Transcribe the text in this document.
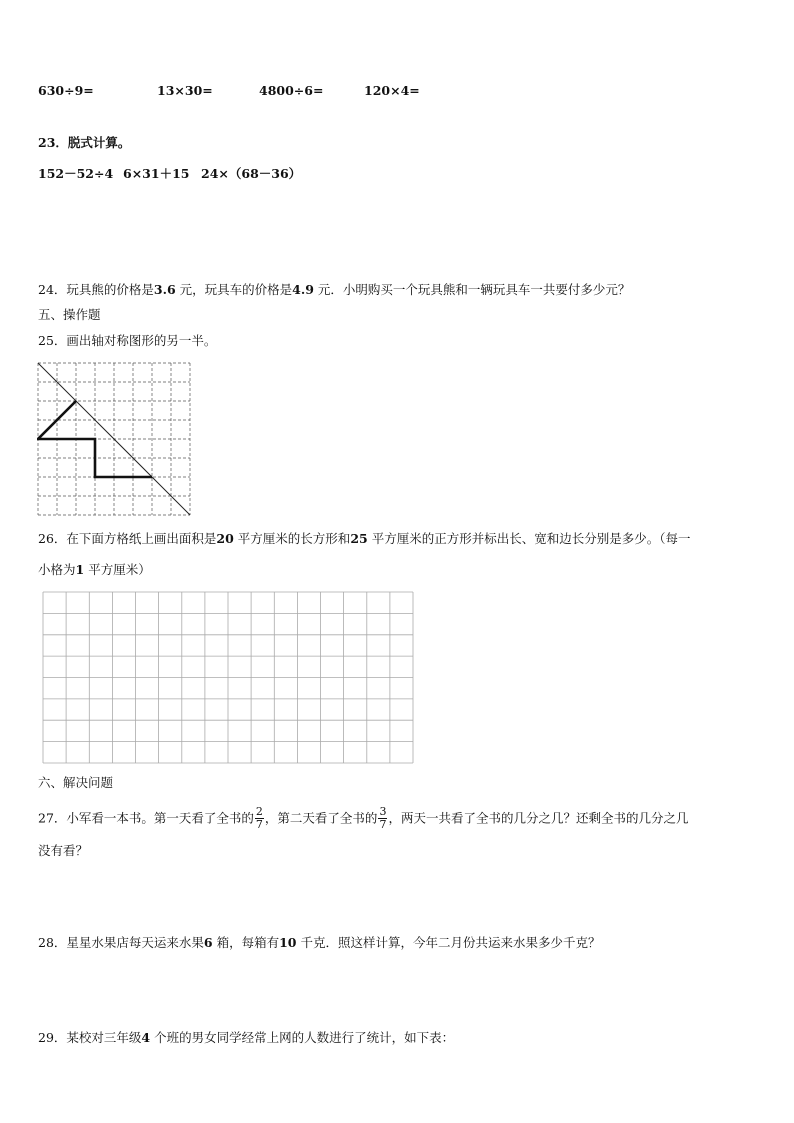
630÷9=	13×30=	4800÷6=	120×4=
23．脱式计算。
152－52÷4 6×31＋15 24×（68－36）
24．玩具熊的价格是3.6 元，玩具车的价格是4.9 元．小明购买一个玩具熊和一辆玩具车一共要付多少元？
五、操作题
25．画出轴对称图形的另一半。
26．在下面方格纸上画出面积是20 平方厘米的长方形和25 平方厘米的正方形并标出长、宽和边长分别是多少。（每一
小格为1 平方厘米）
六、解决问题
27．小军看一本书。第一天看了全书的 $\frac{2}{7}$ ，第二天看了全书的 $\frac{3}{7}$ ，两天一共看了全书的几分之几？还剩全书的几分之几
没有看？
28．星星水果店每天运来水果6 箱，每箱有10 千克．照这样计算，今年二月份共运来水果多少千克？
29．某校对三年级4 个班的男女同学经常上网的人数进行了统计，如下表：
